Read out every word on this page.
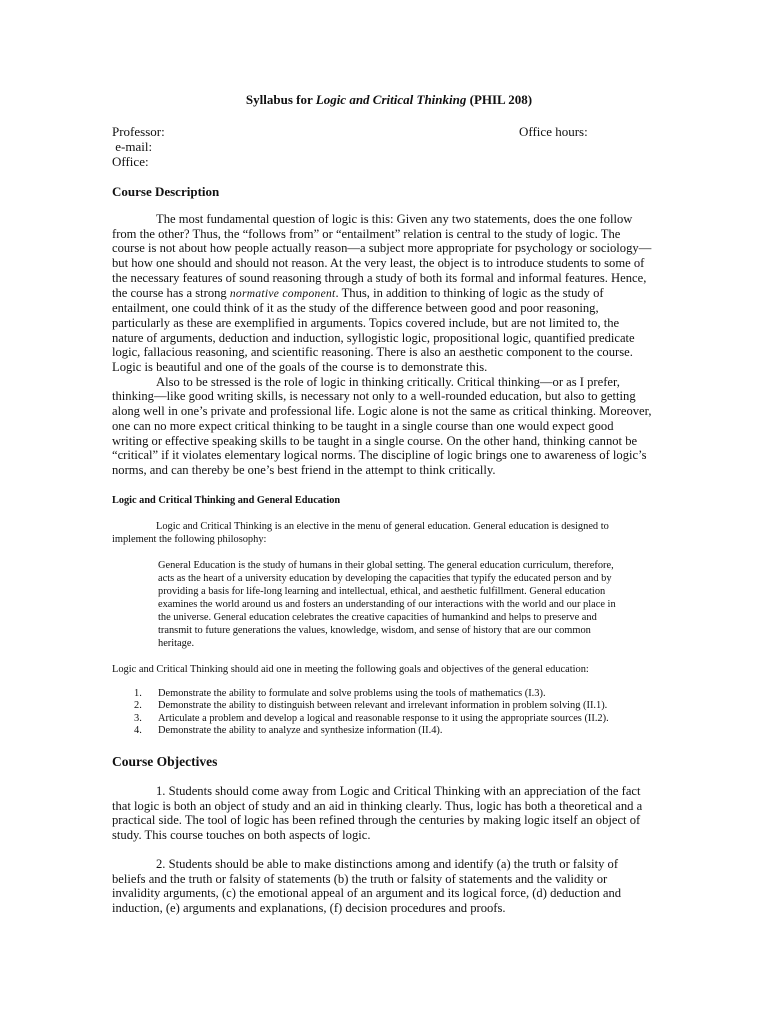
Syllabus for Logic and Critical Thinking (PHIL 208)
Professor:
e-mail:
Office:
Office hours:
Course Description

The most fundamental question of logic is this: Given any two statements, does the one follow from the other? Thus, the “follows from” or “entailment” relation is central to the study of logic. The course is not about how people actually reason—a subject more appropriate for psychology or sociology—but how one should and should not reason. At the very least, the object is to introduce students to some of the necessary features of sound reasoning through a study of both its formal and informal features. Hence, the course has a strong normative component. Thus, in addition to thinking of logic as the study of entailment, one could think of it as the study of the difference between good and poor reasoning, particularly as these are exemplified in arguments. Topics covered include, but are not limited to, the nature of arguments, deduction and induction, syllogistic logic, propositional logic, quantified predicate logic, fallacious reasoning, and scientific reasoning. There is also an aesthetic component to the course. Logic is beautiful and one of the goals of the course is to demonstrate this.

Also to be stressed is the role of logic in thinking critically. Critical thinking—or as I prefer, thinking—like good writing skills, is necessary not only to a well-rounded education, but also to getting along well in one’s private and professional life. Logic alone is not the same as critical thinking. Moreover, one can no more expect critical thinking to be taught in a single course than one would expect good writing or effective speaking skills to be taught in a single course. On the other hand, thinking cannot be “critical” if it violates elementary logical norms. The discipline of logic brings one to awareness of logic’s norms, and can thereby be one’s best friend in the attempt to think critically.

Logic and Critical Thinking and General Education

Logic and Critical Thinking is an elective in the menu of general education. General education is designed to implement the following philosophy:

General Education is the study of humans in their global setting. The general education curriculum, therefore, acts as the heart of a university education by developing the capacities that typify the educated person and by providing a basis for life-long learning and intellectual, ethical, and aesthetic fulfillment. General education examines the world around us and fosters an understanding of our interactions with the world and our place in the universe. General education celebrates the creative capacities of humankind and helps to preserve and transmit to future generations the values, knowledge, wisdom, and sense of history that are our common heritage.

Logic and Critical Thinking should aid one in meeting the following goals and objectives of the general education:

1. Demonstrate the ability to formulate and solve problems using the tools of mathematics (I.3).
2. Demonstrate the ability to distinguish between relevant and irrelevant information in problem solving (II.1).
3. Articulate a problem and develop a logical and reasonable response to it using the appropriate sources (II.2).
4. Demonstrate the ability to analyze and synthesize information (II.4).
Course Objectives

1. Students should come away from Logic and Critical Thinking with an appreciation of the fact that logic is both an object of study and an aid in thinking clearly. Thus, logic has both a theoretical and a practical side. The tool of logic has been refined through the centuries by making logic itself an object of study. This course touches on both aspects of logic.

2. Students should be able to make distinctions among and identify (a) the truth or falsity of beliefs and the truth or falsity of statements (b) the truth or falsity of statements and the validity or invalidity arguments, (c) the emotional appeal of an argument and its logical force, (d) deduction and induction, (e) arguments and explanations, (f) decision procedures and proofs.
